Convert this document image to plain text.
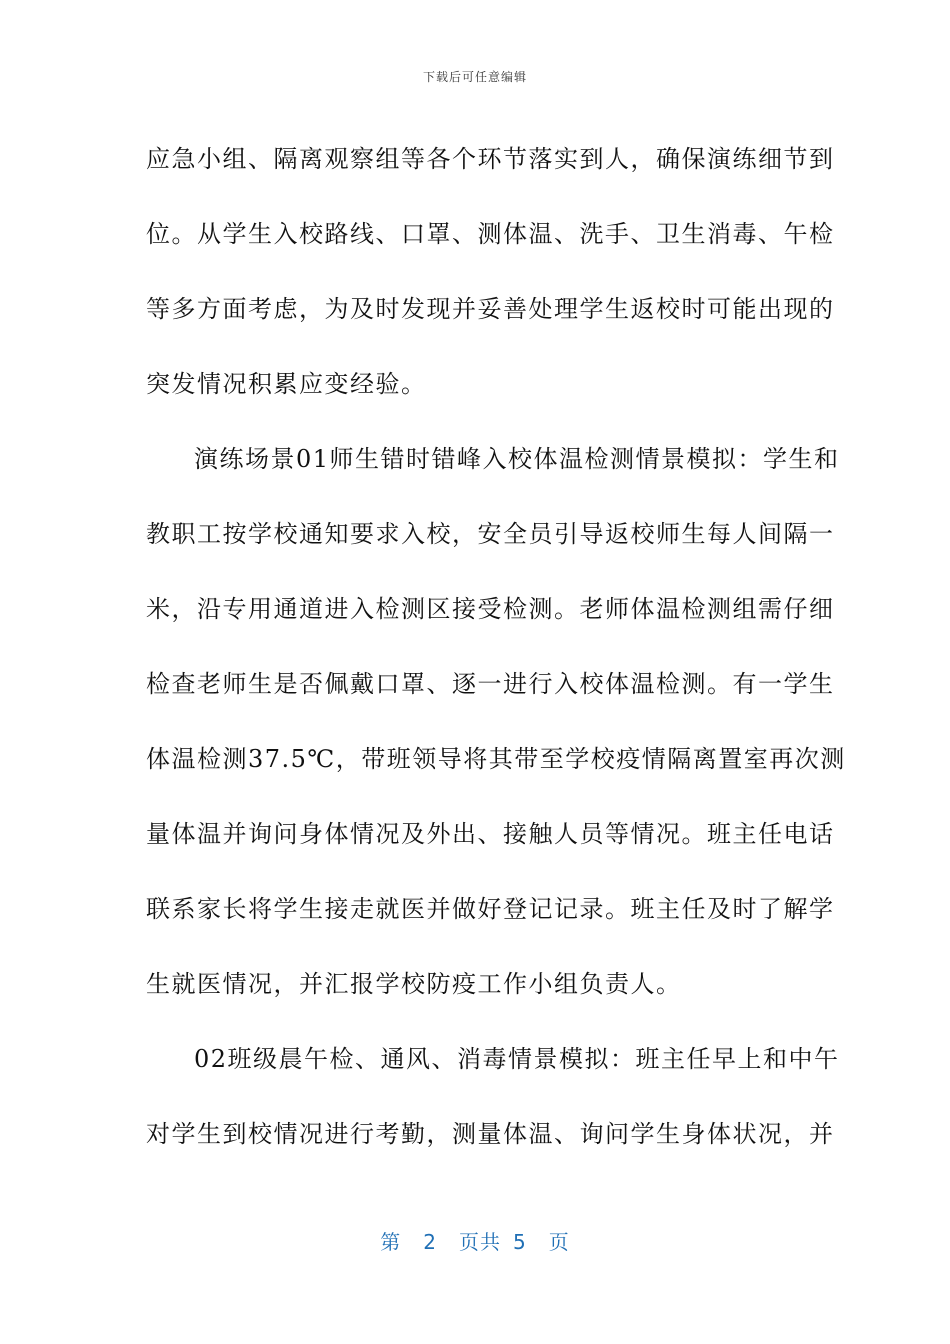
下载后可任意编辑
应急小组、隔离观察组等各个环节落实到人，确保演练细节到
位。从学生入校路线、口罩、测体温、洗手、卫生消毒、午检
等多方面考虑，为及时发现并妥善处理学生返校时可能出现的
突发情况积累应变经验。
演练场景01师生错时错峰入校体温检测情景模拟：学生和
教职工按学校通知要求入校，安全员引导返校师生每人间隔一
米，沿专用通道进入检测区接受检测。老师体温检测组需仔细
检查老师生是否佩戴口罩、逐一进行入校体温检测。有一学生
体温检测37.5℃，带班领导将其带至学校疫情隔离置室再次测
量体温并询问身体情况及外出、接触人员等情况。班主任电话
联系家长将学生接走就医并做好登记记录。班主任及时了解学
生就医情况，并汇报学校防疫工作小组负责人。
02班级晨午检、通风、消毒情景模拟：班主任早上和中午
对学生到校情况进行考勤，测量体温、询问学生身体状况，并
第 2 页共 5 页
